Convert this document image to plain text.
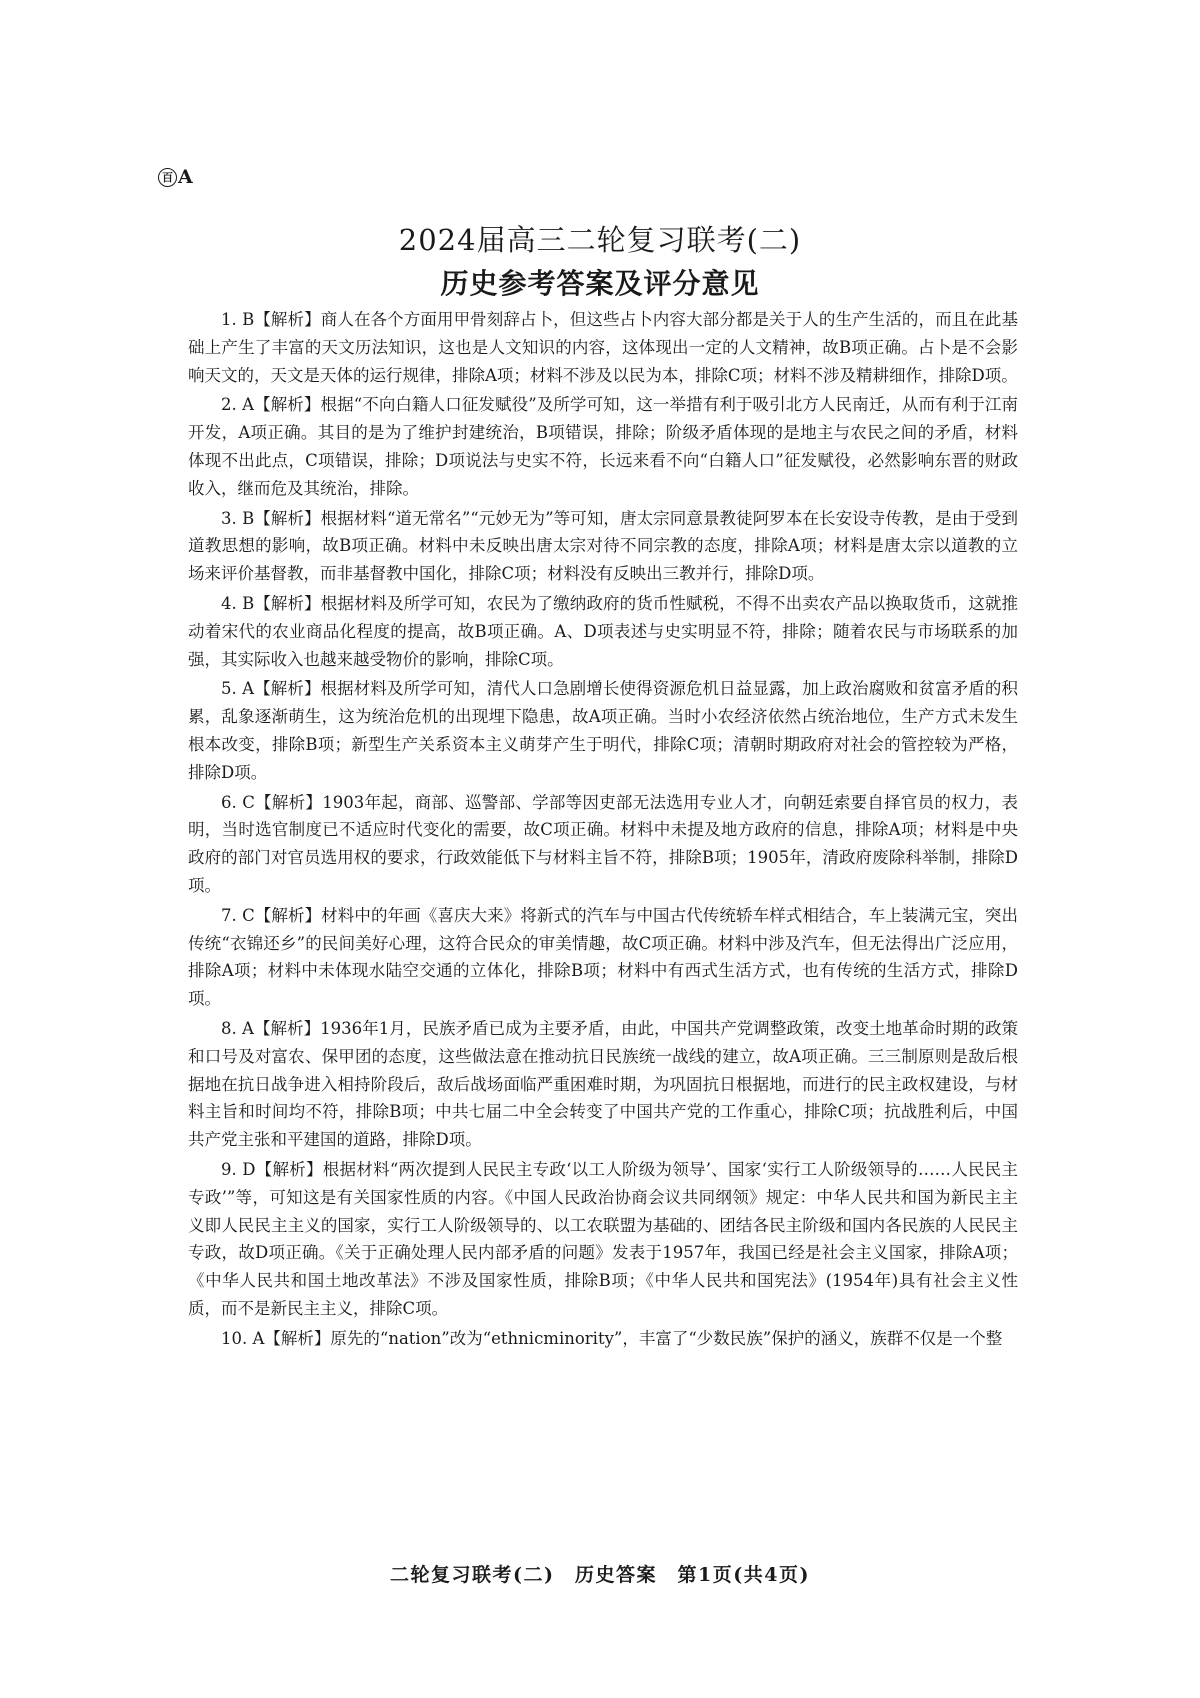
百 A
2024届高三二轮复习联考(二)
历史参考答案及评分意见

1. B【解析】商人在各个方面用甲骨刻辞占卜，但这些占卜内容大部分都是关于人的生产生活的，而且在此基础上产生了丰富的天文历法知识，这也是人文知识的内容，这体现出一定的人文精神，故B项正确。占卜是不会影响天文的，天文是天体的运行规律，排除A项；材料不涉及以民为本，排除C项；材料不涉及精耕细作，排除D项。

2. A【解析】根据“不向白籍人口征发赋役”及所学可知，这一举措有利于吸引北方人民南迁，从而有利于江南开发，A项正确。其目的是为了维护封建统治，B项错误，排除；阶级矛盾体现的是地主与农民之间的矛盾，材料体现不出此点，C项错误，排除；D项说法与史实不符，长远来看不向“白籍人口”征发赋役，必然影响东晋的财政收入，继而危及其统治，排除。

3. B【解析】根据材料“道无常名”“元妙无为”等可知，唐太宗同意景教徒阿罗本在长安设寺传教，是由于受到道教思想的影响，故B项正确。材料中未反映出唐太宗对待不同宗教的态度，排除A项；材料是唐太宗以道教的立场来评价基督教，而非基督教中国化，排除C项；材料没有反映出三教并行，排除D项。

4. B【解析】根据材料及所学可知，农民为了缴纳政府的货币性赋税，不得不出卖农产品以换取货币，这就推动着宋代的农业商品化程度的提高，故B项正确。A、D项表述与史实明显不符，排除；随着农民与市场联系的加强，其实际收入也越来越受物价的影响，排除C项。

5. A【解析】根据材料及所学可知，清代人口急剧增长使得资源危机日益显露，加上政治腐败和贫富矛盾的积累，乱象逐渐萌生，这为统治危机的出现埋下隐患，故A项正确。当时小农经济依然占统治地位，生产方式未发生根本改变，排除B项；新型生产关系资本主义萌芽产生于明代，排除C项；清朝时期政府对社会的管控较为严格，排除D项。

6. C【解析】1903年起，商部、巡警部、学部等因吏部无法选用专业人才，向朝廷索要自择官员的权力，表明，当时选官制度已不适应时代变化的需要，故C项正确。材料中未提及地方政府的信息，排除A项；材料是中央政府的部门对官员选用权的要求，行政效能低下与材料主旨不符，排除B项；1905年，清政府废除科举制，排除D项。

7. C【解析】材料中的年画《喜庆大来》将新式的汽车与中国古代传统轿车样式相结合，车上装满元宝，突出传统“衣锦还乡”的民间美好心理，这符合民众的审美情趣，故C项正确。材料中涉及汽车，但无法得出广泛应用，排除A项；材料中未体现水陆空交通的立体化，排除B项；材料中有西式生活方式，也有传统的生活方式，排除D项。

8. A【解析】1936年1月，民族矛盾已成为主要矛盾，由此，中国共产党调整政策，改变土地革命时期的政策和口号及对富农、保甲团的态度，这些做法意在推动抗日民族统一战线的建立，故A项正确。三三制原则是敌后根据地在抗日战争进入相持阶段后，敌后战场面临严重困难时期，为巩固抗日根据地，而进行的民主政权建设，与材料主旨和时间均不符，排除B项；中共七届二中全会转变了中国共产党的工作重心，排除C项；抗战胜利后，中国共产党主张和平建国的道路，排除D项。

9. D【解析】根据材料“两次提到人民民主专政‘以工人阶级为领导’、国家‘实行工人阶级领导的……人民民主专政’”等，可知这是有关国家性质的内容。《中国人民政治协商会议共同纲领》规定：中华人民共和国为新民主主义即人民民主主义的国家，实行工人阶级领导的、以工农联盟为基础的、团结各民主阶级和国内各民族的人民民主专政，故D项正确。《关于正确处理人民内部矛盾的问题》发表于1957年，我国已经是社会主义国家，排除A项；《中华人民共和国土地改革法》不涉及国家性质，排除B项；《中华人民共和国宪法》(1954年)具有社会主义性质，而不是新民主主义，排除C项。

10. A【解析】原先的“nation”改为“ethnicminority”，丰富了“少数民族”保护的涵义，族群不仅是一个整

二轮复习联考(二)　历史答案　第1页(共4页)
